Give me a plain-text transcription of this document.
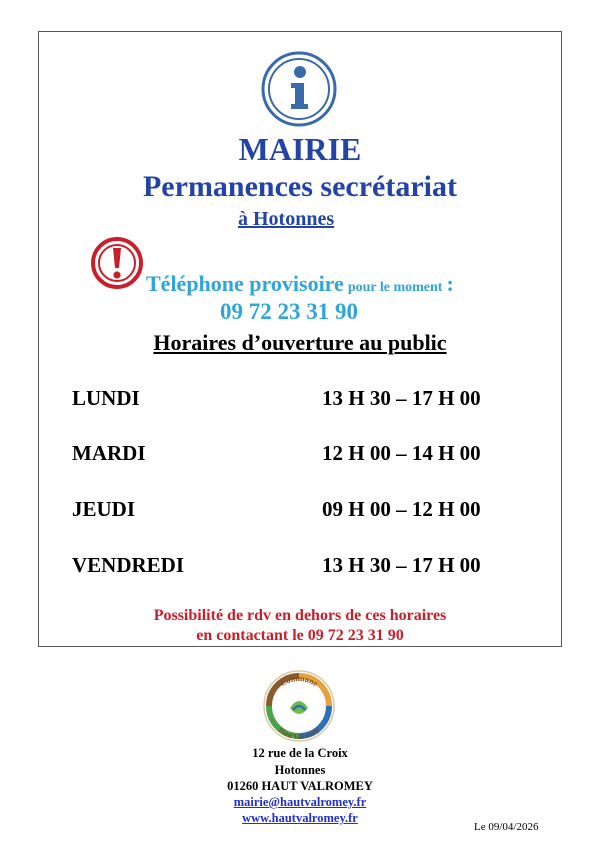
MAIRIE
Permanences secrétariat
à Hotonnes
Téléphone provisoire pour le moment :
09 72 23 31 90
Horaires d’ouverture au public
LUNDI	13 H 30 – 17 H 00
MARDI	12 H 00 – 14 H 00
JEUDI	09 H 00 – 12 H 00
VENDREDI	13 H 30 – 17 H 00
Possibilité de rdv en dehors de ces horaires
en contactant le 09 72 23 31 90
Commune
Haut Valromey
12 rue de la Croix
Hotonnes
01260 HAUT VALROMEY
mairie@hautvalromey.fr
www.hautvalromey.fr
Le 09/04/2026
